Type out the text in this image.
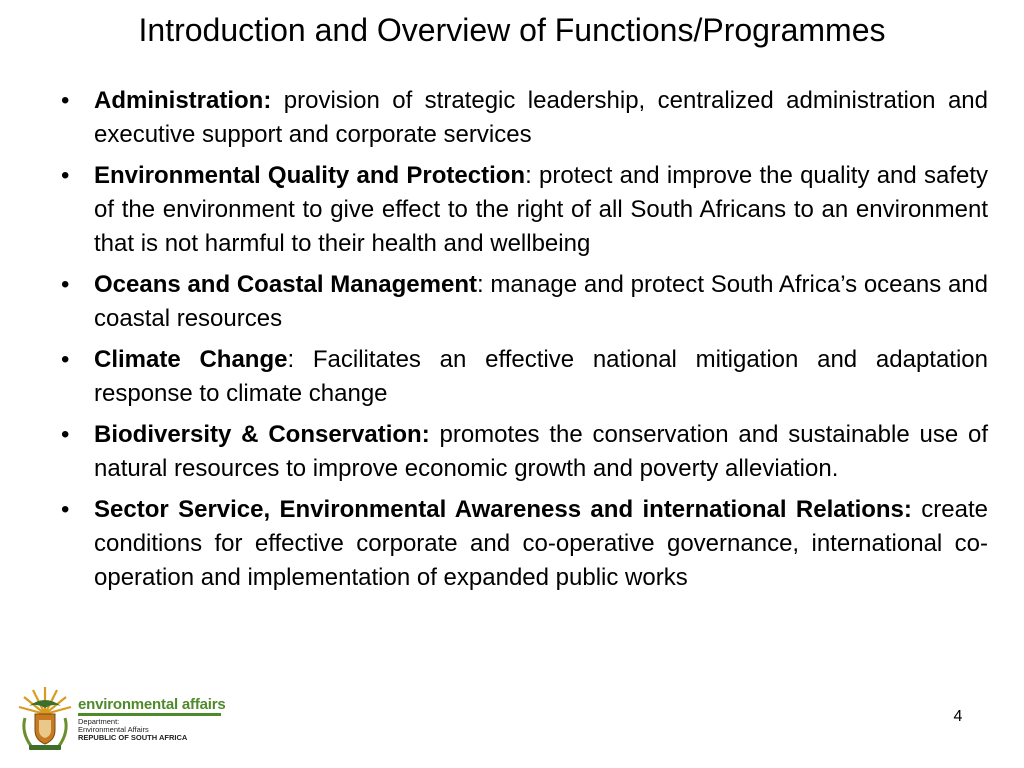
Introduction and Overview of Functions/Programmes
• Administration: provision of strategic leadership, centralized administration and executive support and corporate services
• Environmental Quality and Protection: protect and improve the quality and safety of the environment to give effect to the right of all South Africans to an environment that is not harmful to their health and wellbeing
• Oceans and Coastal Management: manage and protect South Africa’s oceans and coastal resources
• Climate Change: Facilitates an effective national mitigation and adaptation response to climate change
• Biodiversity & Conservation: promotes the conservation and sustainable use of natural resources to improve economic growth and poverty alleviation.
• Sector Service, Environmental Awareness and international Relations: create conditions for effective corporate and co-operative governance, international co-operation and implementation of expanded public works
environmental affairs
Department:
Environmental Affairs
REPUBLIC OF SOUTH AFRICA
4
